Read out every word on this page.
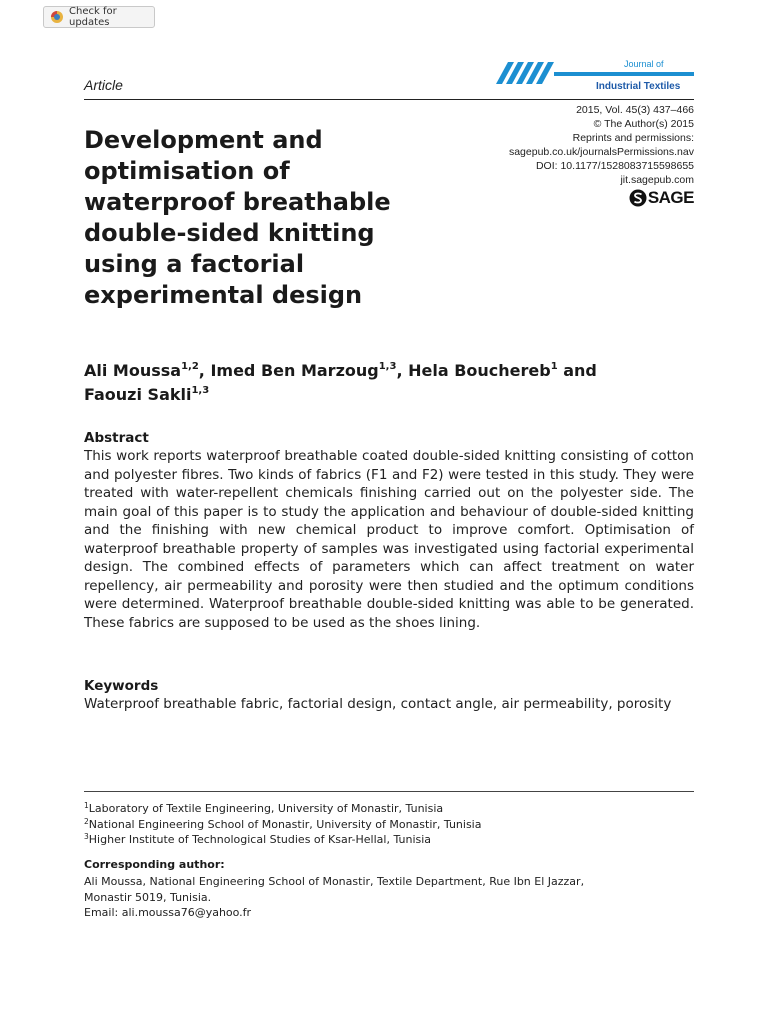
Check for updates
Article
Journal of
Industrial Textiles
2015, Vol. 45(3) 437–466
© The Author(s) 2015
Reprints and permissions:
sagepub.co.uk/journalsPermissions.nav
DOI: 10.1177/1528083715598655
jit.sagepub.com
SAGE
Development and optimisation of waterproof breathable double-sided knitting using a factorial experimental design
Ali Moussa$^{1,2}$, Imed Ben Marzoug$^{1,3}$, Hela Bouchereb$^1$ and
Faouzi Sakli$^{1,3}$
Abstract
This work reports waterproof breathable coated double-sided knitting consisting of cotton and polyester fibres. Two kinds of fabrics (F1 and F2) were tested in this study. They were treated with water-repellent chemicals finishing carried out on the polyester side. The main goal of this paper is to study the application and behaviour of double-sided knitting and the finishing with new chemical product to improve comfort. Optimisation of waterproof breathable property of samples was investigated using factorial experimental design. The combined effects of parameters which can affect treatment on water repellency, air permeability and porosity were then studied and the optimum conditions were determined. Waterproof breathable double-sided knitting was able to be generated. These fabrics are supposed to be used as the shoes lining.
Keywords
Waterproof breathable fabric, factorial design, contact angle, air permeability, porosity
$^1$Laboratory of Textile Engineering, University of Monastir, Tunisia
$^2$National Engineering School of Monastir, University of Monastir, Tunisia
$^3$Higher Institute of Technological Studies of Ksar-Hellal, Tunisia
Corresponding author:
Ali Moussa, National Engineering School of Monastir, Textile Department, Rue Ibn El Jazzar,
Monastir 5019, Tunisia.
Email: ali.moussa76@yahoo.fr
